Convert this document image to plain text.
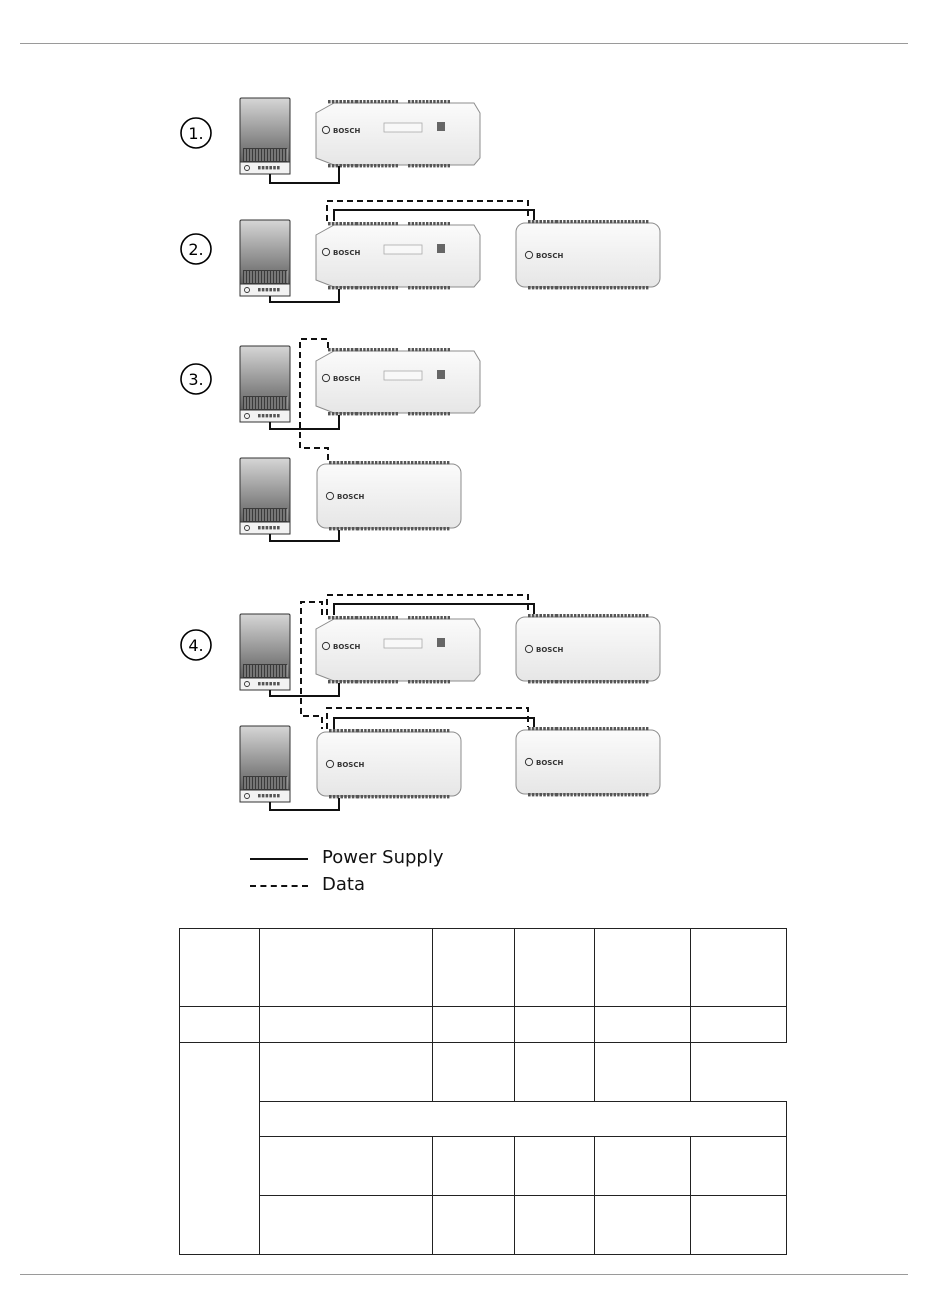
BOSCH
1.
BOSCH	BOSCH
2.
BOSCH
BOSCH
3.
BOSCH	BOSCH
BOSCH	BOSCH
4.
Power Supply
Data
